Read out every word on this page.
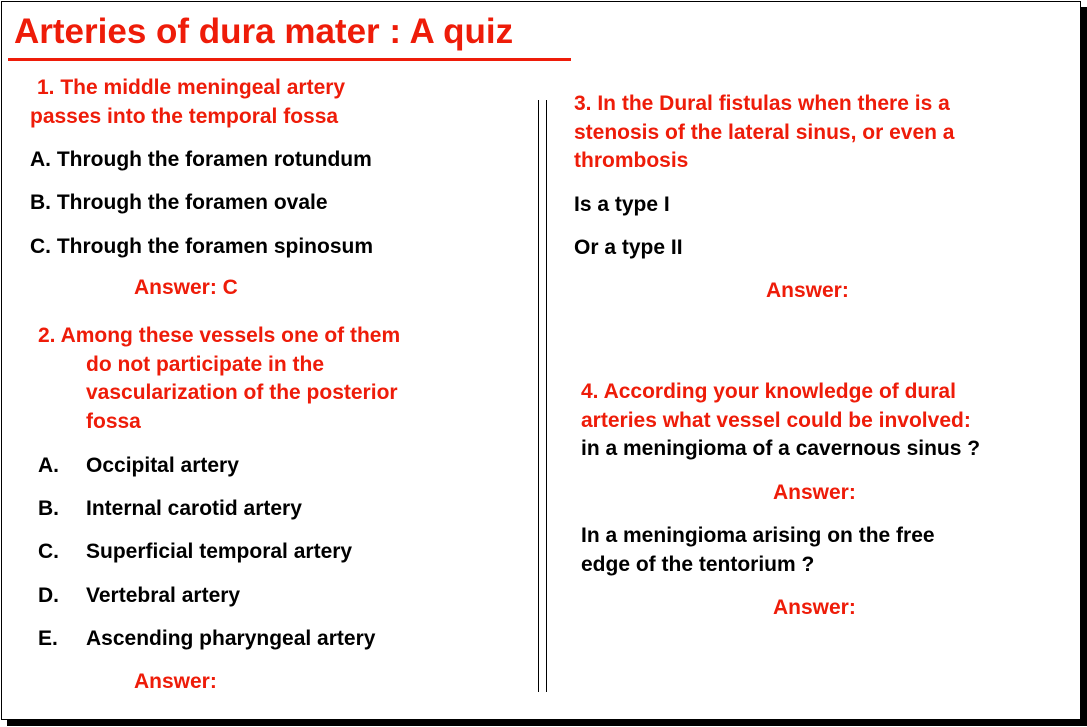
Arteries of dura mater : A quiz
1. The middle meningeal artery
passes into the temporal fossa
A. Through the foramen rotundum
B. Through the foramen ovale
C. Through the foramen spinosum
Answer: C
2. Among these vessels one of them
do not participate in the
vascularization of the posterior
fossa
A. Occipital artery
B. Internal carotid artery
C. Superficial temporal artery
D. Vertebral artery
E. Ascending pharyngeal artery
Answer:
3. In the Dural fistulas when there is a
stenosis of the lateral sinus, or even a
thrombosis
Is a type I
Or a type II
Answer:
4. According your knowledge of dural
arteries what vessel could be involved:
in a meningioma of a cavernous sinus ?
Answer:
In a meningioma arising on the free
edge of the tentorium ?
Answer:
